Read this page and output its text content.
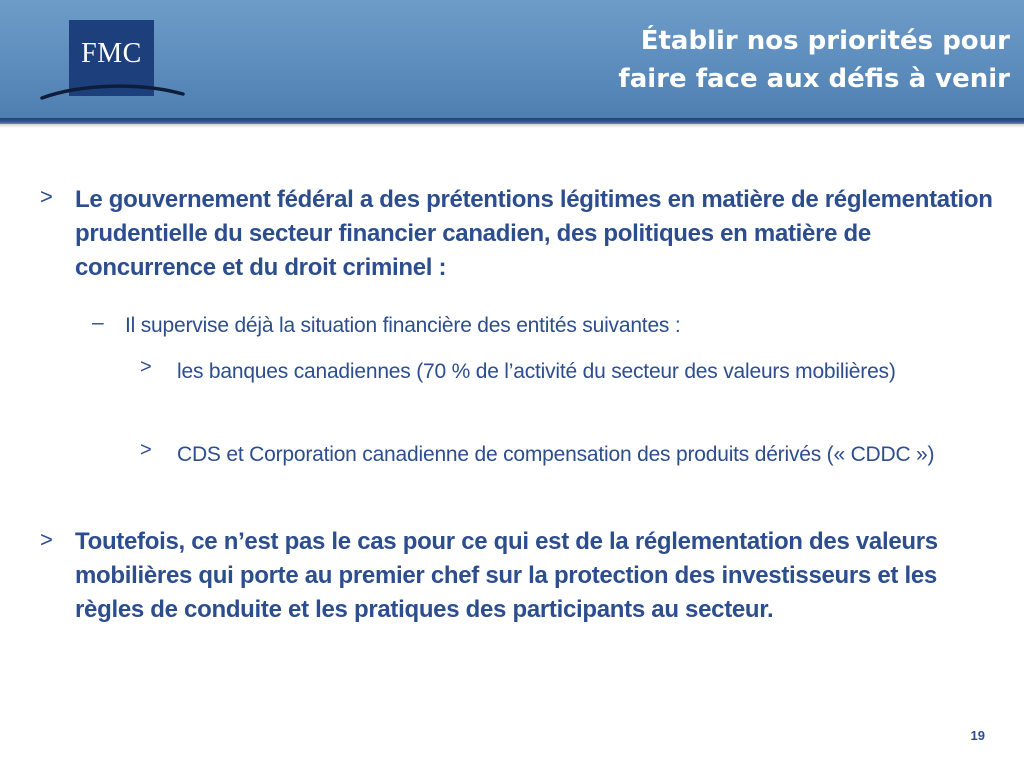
FMC	Établir nos priorités pour
faire face aux défis à venir
> Le gouvernement fédéral a des prétentions légitimes en matière de réglementation prudentielle du secteur financier canadien, des politiques en matière de concurrence et du droit criminel :
– Il supervise déjà la situation financière des entités suivantes :
> les banques canadiennes (70 % de l’activité du secteur des valeurs mobilières)
> CDS et Corporation canadienne de compensation des produits dérivés (« CDDC »)
> Toutefois, ce n’est pas le cas pour ce qui est de la réglementation des valeurs mobilières qui porte au premier chef sur la protection des investisseurs et les règles de conduite et les pratiques des participants au secteur.
19
